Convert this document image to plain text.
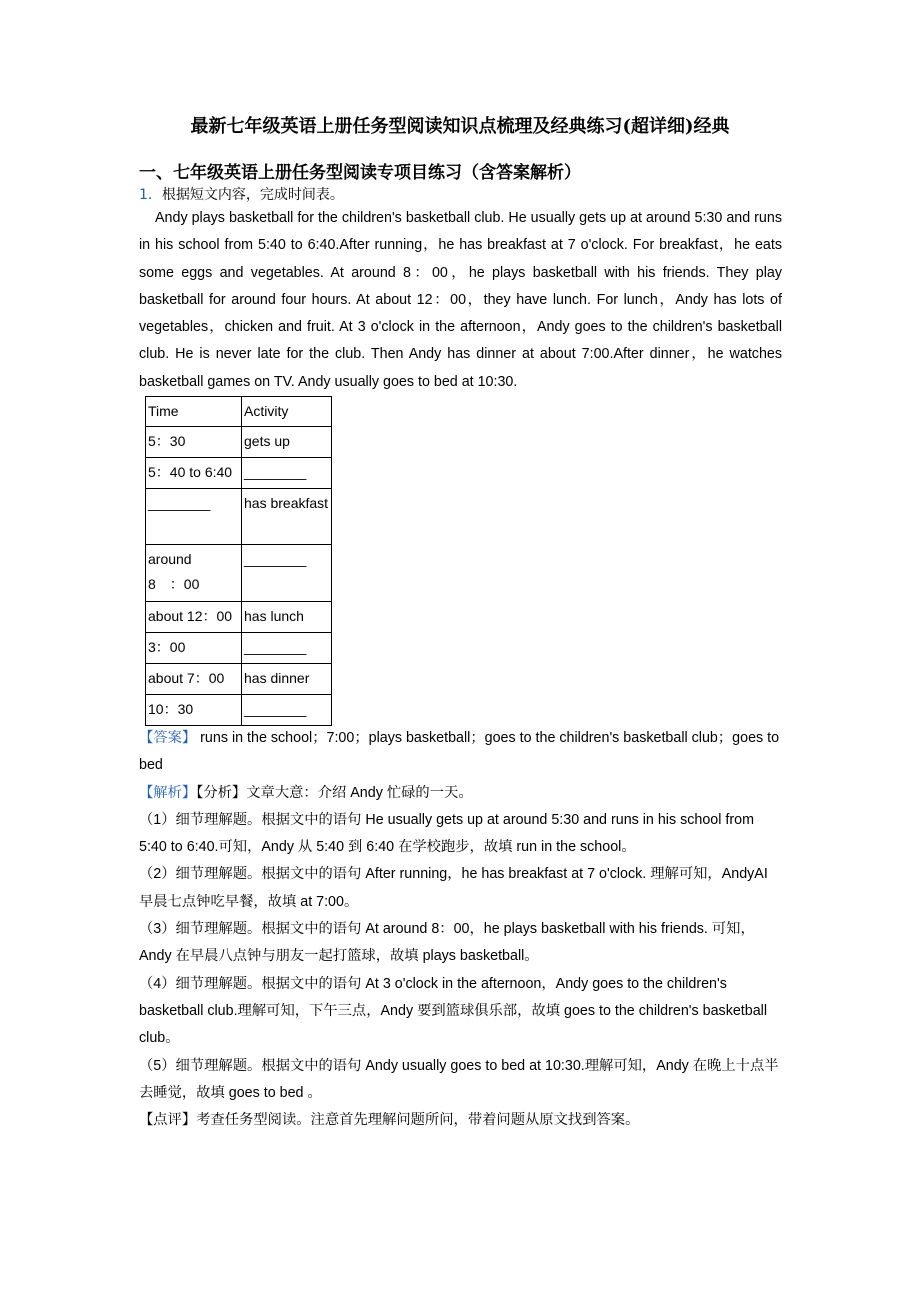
最新七年级英语上册任务型阅读知识点梳理及经典练习(超详细)经典
一、七年级英语上册任务型阅读专项目练习（含答案解析）
1．根据短文内容，完成时间表。
Andy plays basketball for the children's basketball club. He usually gets up at around 5:30 and runs in his school from 5:40 to 6:40.After running，he has breakfast at 7 o'clock. For breakfast，he eats some eggs and vegetables. At around 8：00，he plays basketball with his friends. They play basketball for around four hours. At about 12：00，they have lunch. For lunch，Andy has lots of vegetables，chicken and fruit. At 3 o'clock in the afternoon，Andy goes to the children's basketball club. He is never late for the club. Then Andy has dinner at about 7:00.After dinner，he watches basketball games on TV. Andy usually goes to bed at 10:30.
Time	Activity
5：30	gets up
5：40 to 6:40	________
________	has breakfast
around　8　：00	________
about 12：00	has lunch
3：00	________
about 7：00	has dinner
10：30	________

【答案】 runs in the school；7:00；plays basketball；goes to the children's basketball club；goes to bed

【解析】【分析】文章大意：介绍 Andy 忙碌的一天。

（1）细节理解题。根据文中的语句 He usually gets up at around 5:30 and runs in his school from 5:40 to 6:40.可知，Andy 从 5:40 到 6:40 在学校跑步，故填 run in the school。

（2）细节理解题。根据文中的语句 After running，he has breakfast at 7 o'clock. 理解可知，AndyAI 早晨七点钟吃早餐，故填 at 7:00。

（3）细节理解题。根据文中的语句 At around 8：00，he plays basketball with his friends. 可知，Andy 在早晨八点钟与朋友一起打篮球，故填 plays basketball。

（4）细节理解题。根据文中的语句 At 3 o'clock in the afternoon，Andy goes to the children's basketball club.理解可知，下午三点，Andy 要到篮球俱乐部，故填 goes to the children's basketball club。

（5）细节理解题。根据文中的语句 Andy usually goes to bed at 10:30.理解可知，Andy 在晚上十点半去睡觉，故填 goes to bed 。

【点评】考查任务型阅读。注意首先理解问题所问，带着问题从原文找到答案。
